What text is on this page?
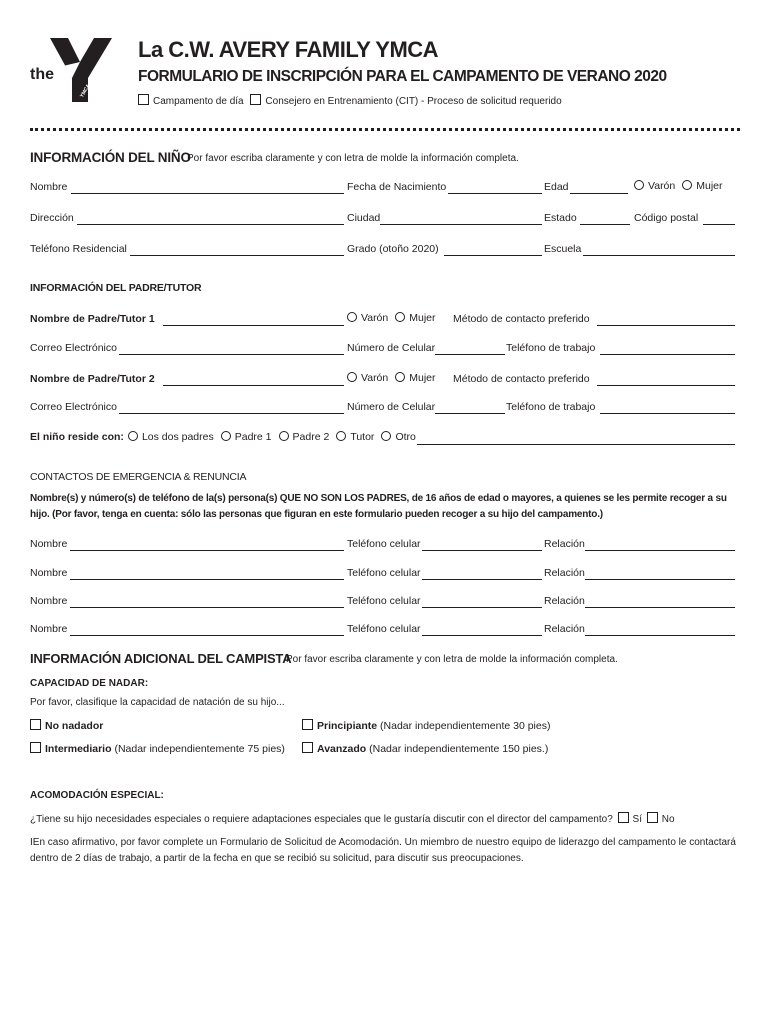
the
YMCA
La C.W. AVERY FAMILY YMCA
FORMULARIO DE INSCRIPCIÓN PARA EL CAMPAMENTO DE VERANO 2020
Campamento de día Consejero en Entrenamiento (CIT) - Proceso de solicitud requerido
INFORMACIÓN DEL NIÑO
Por favor escriba claramente y con letra de molde la información completa.
Nombre	Fecha de Nacimiento	Edad	Varón Mujer
Dirección	Ciudad	Estado	Código postal
Teléfono Residencial	Grado (otoño 2020)	Escuela
INFORMACIÓN DEL PADRE/TUTOR
Nombre de Padre/Tutor 1	Varón Mujer Método de contacto preferido
Correo Electrónico	Número de Celular	Teléfono de trabajo
Nombre de Padre/Tutor 2	Varón Mujer Método de contacto preferido
Correo Electrónico	Número de Celular	Teléfono de trabajo
El niño reside con: Los dos padres Padre 1 Padre 2 Tutor Otro
CONTACTOS DE EMERGENCIA & RENUNCIA
Nombre(s) y número(s) de teléfono de la(s) persona(s) QUE NO SON LOS PADRES, de 16 años de edad o mayores, a quienes se les permite recoger a su hijo. (Por favor, tenga en cuenta: sólo las personas que figuran en este formulario pueden recoger a su hijo del campamento.)
Nombre	Teléfono celular	Relación
Nombre	Teléfono celular	Relación
Nombre	Teléfono celular	Relación
Nombre	Teléfono celular	Relación
INFORMACIÓN ADICIONAL DEL CAMPISTA
Por favor escriba claramente y con letra de molde la información completa.
CAPACIDAD DE NADAR:
Por favor, clasifique la capacidad de natación de su hijo...
No nadador	Principiante (Nadar independientemente 30 pies)
Intermediario (Nadar independientemente 75 pies)	Avanzado (Nadar independientemente 150 pies.)
ACOMODACIÓN ESPECIAL:
¿Tiene su hijo necesidades especiales o requiere adaptaciones especiales que le gustaría discutir con el director del campamento? Sí No
IEn caso afirmativo, por favor complete un Formulario de Solicitud de Acomodación. Un miembro de nuestro equipo de liderazgo del campamento le contactará dentro de 2 días de trabajo, a partir de la fecha en que se recibió su solicitud, para discutir sus preocupaciones.
